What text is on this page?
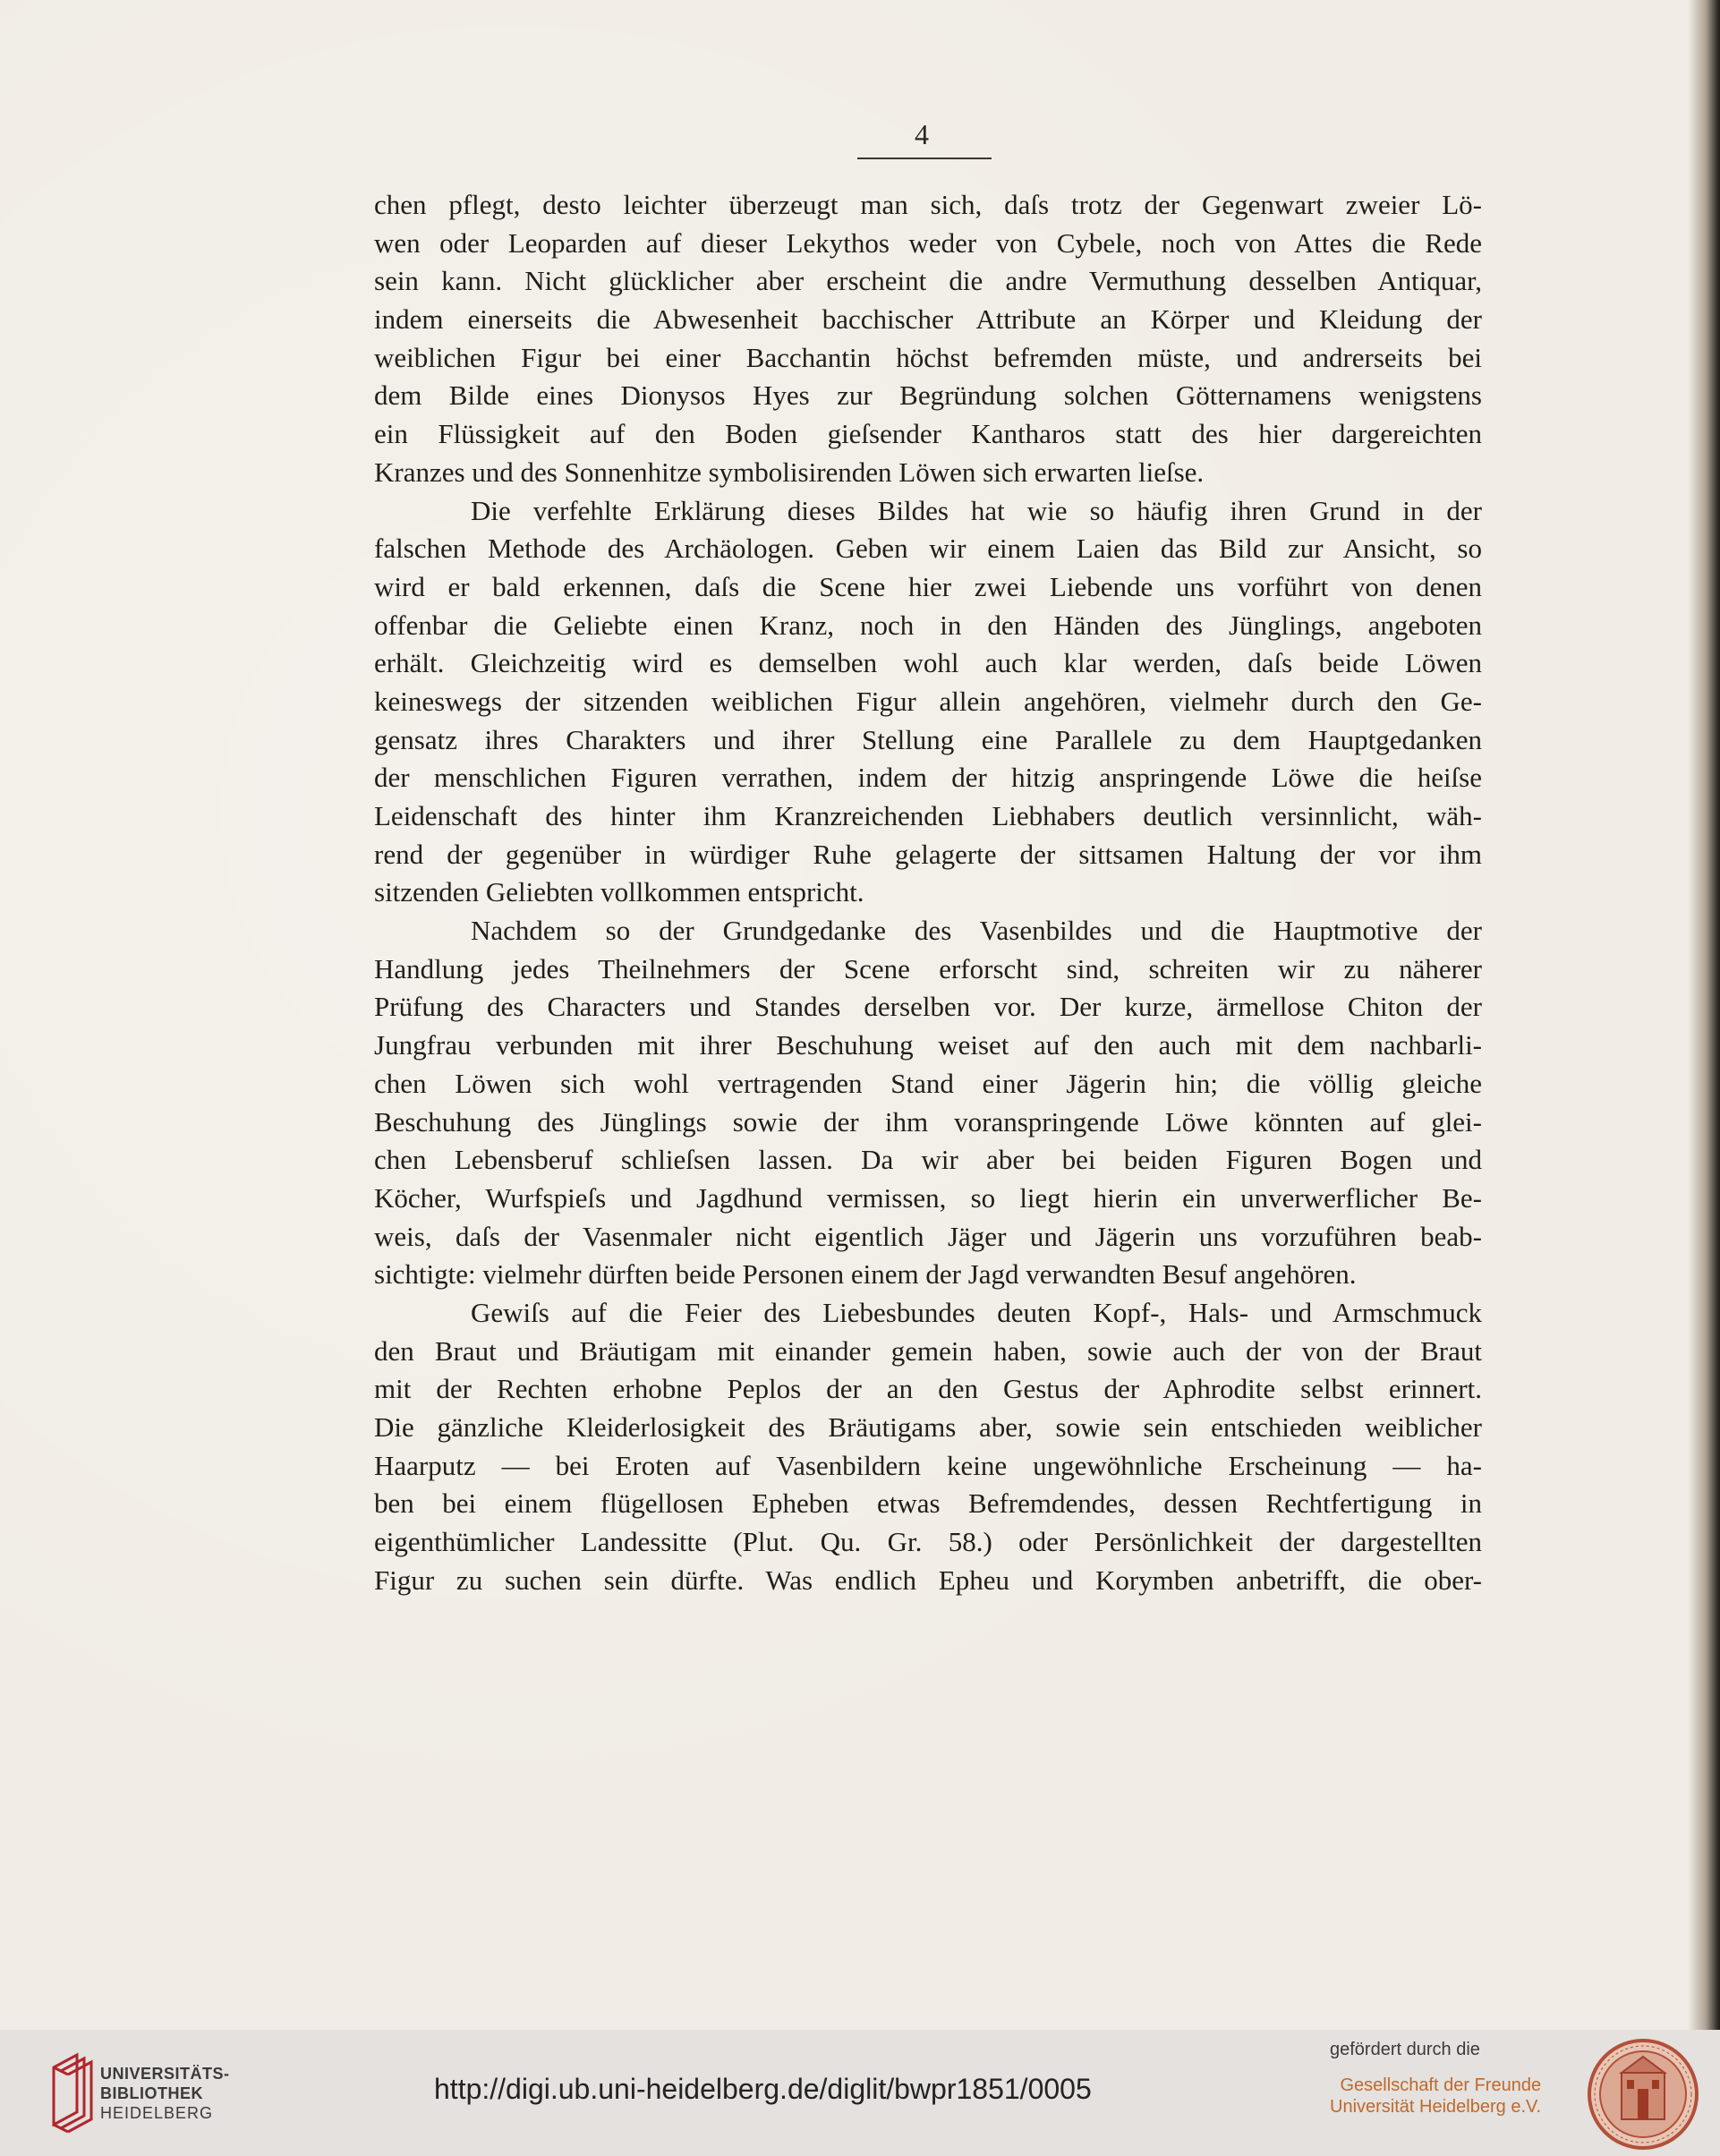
4
chen pflegt, desto leichter überzeugt man sich, daſs trotz der Gegenwart zweier Lö-
wen oder Leoparden auf dieser Lekythos weder von Cybele, noch von Attes die Rede
sein kann. Nicht glücklicher aber erscheint die andre Vermuthung desselben Antiquar,
indem einerseits die Abwesenheit bacchischer Attribute an Körper und Kleidung der
weiblichen Figur bei einer Bacchantin höchst befremden müste, und andrerseits bei
dem Bilde eines Dionysos Hyes zur Begründung solchen Götternamens wenigstens
ein Flüssigkeit auf den Boden gieſsender Kantharos statt des hier dargereichten
Kranzes und des Sonnenhitze symbolisirenden Löwen sich erwarten lieſse.
Die verfehlte Erklärung dieses Bildes hat wie so häufig ihren Grund in der
falschen Methode des Archäologen. Geben wir einem Laien das Bild zur Ansicht, so
wird er bald erkennen, daſs die Scene hier zwei Liebende uns vorführt von denen
offenbar die Geliebte einen Kranz, noch in den Händen des Jünglings, angeboten
erhält. Gleichzeitig wird es demselben wohl auch klar werden, daſs beide Löwen
keineswegs der sitzenden weiblichen Figur allein angehören, vielmehr durch den Ge-
gensatz ihres Charakters und ihrer Stellung eine Parallele zu dem Hauptgedanken
der menschlichen Figuren verrathen, indem der hitzig anspringende Löwe die heiſse
Leidenschaft des hinter ihm Kranzreichenden Liebhabers deutlich versinnlicht, wäh-
rend der gegenüber in würdiger Ruhe gelagerte der sittsamen Haltung der vor ihm
sitzenden Geliebten vollkommen entspricht.
Nachdem so der Grundgedanke des Vasenbildes und die Hauptmotive der
Handlung jedes Theilnehmers der Scene erforscht sind, schreiten wir zu näherer
Prüfung des Characters und Standes derselben vor. Der kurze, ärmellose Chiton der
Jungfrau verbunden mit ihrer Beschuhung weiset auf den auch mit dem nachbarli-
chen Löwen sich wohl vertragenden Stand einer Jägerin hin; die völlig gleiche
Beschuhung des Jünglings sowie der ihm voranspringende Löwe könnten auf glei-
chen Lebensberuf schlieſsen lassen. Da wir aber bei beiden Figuren Bogen und
Köcher, Wurfspieſs und Jagdhund vermissen, so liegt hierin ein unverwerflicher Be-
weis, daſs der Vasenmaler nicht eigentlich Jäger und Jägerin uns vorzuführen beab-
sichtigte: vielmehr dürften beide Personen einem der Jagd verwandten Besuf angehören.
Gewiſs auf die Feier des Liebesbundes deuten Kopf-, Hals- und Armschmuck
den Braut und Bräutigam mit einander gemein haben, sowie auch der von der Braut
mit der Rechten erhobne Peplos der an den Gestus der Aphrodite selbst erinnert.
Die gänzliche Kleiderlosigkeit des Bräutigams aber, sowie sein entschieden weiblicher
Haarputz — bei Eroten auf Vasenbildern keine ungewöhnliche Erscheinung — ha-
ben bei einem flügellosen Epheben etwas Befremdendes, dessen Rechtfertigung in
eigenthümlicher Landessitte (Plut. Qu. Gr. 58.) oder Persönlichkeit der dargestellten
Figur zu suchen sein dürfte. Was endlich Epheu und Korymben anbetrifft, die ober-
UNIVERSITÄTS-
BIBLIOTHEK
HEIDELBERG
http://digi.ub.uni-heidelberg.de/diglit/bwpr1851/0005
gefördert durch die
Gesellschaft der Freunde
Universität Heidelberg e.V.
